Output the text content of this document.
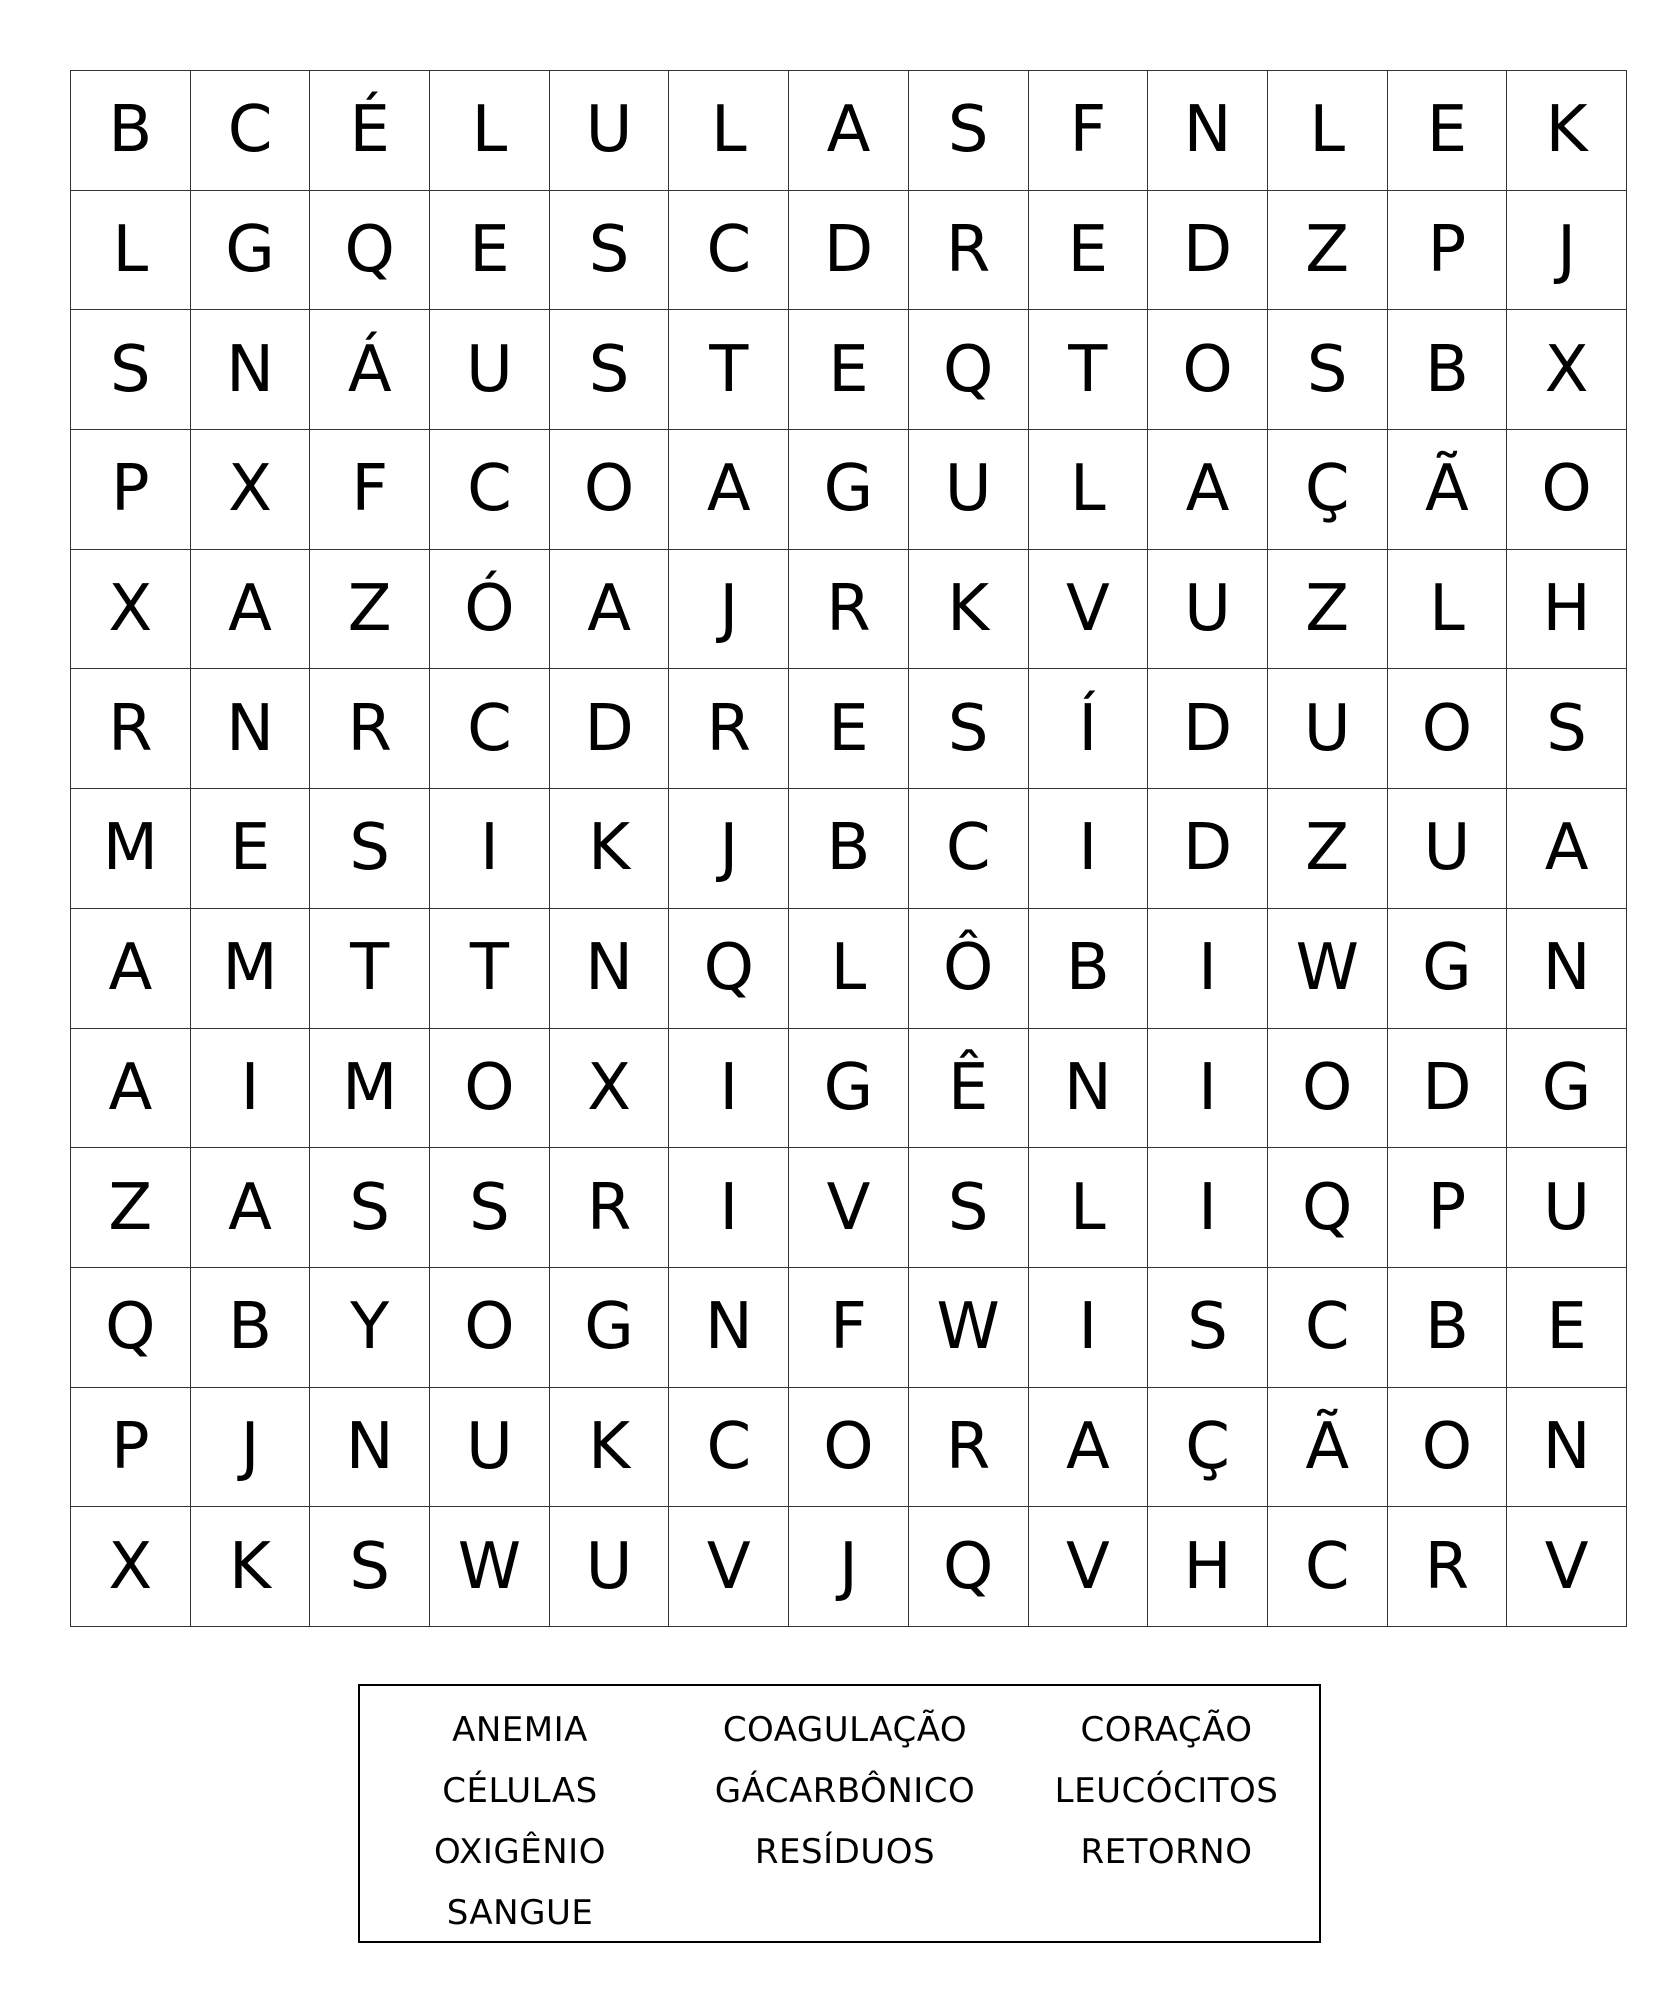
B	C	É	L	U	L	A	S	F	N	L	E	K
L	G	Q	E	S	C	D	R	E	D	Z	P	J
S	N	Á	U	S	T	E	Q	T	O	S	B	X
P	X	F	C	O	A	G	U	L	A	Ç	Ã	O
X	A	Z	Ó	A	J	R	K	V	U	Z	L	H
R	N	R	C	D	R	E	S	Í	D	U	O	S
M	E	S	I	K	J	B	C	I	D	Z	U	A
A	M	T	T	N	Q	L	Ô	B	I	W	G	N
A	I	M	O	X	I	G	Ê	N	I	O	D	G
Z	A	S	S	R	I	V	S	L	I	Q	P	U
Q	B	Y	O	G	N	F	W	I	S	C	B	E
P	J	N	U	K	C	O	R	A	Ç	Ã	O	N
X	K	S	W	U	V	J	Q	V	H	C	R	V
ANEMIA	COAGULAÇÃO	CORAÇÃO
CÉLULAS	GÁCARBÔNICO	LEUCÓCITOS
OXIGÊNIO	RESÍDUOS	RETORNO
SANGUE
